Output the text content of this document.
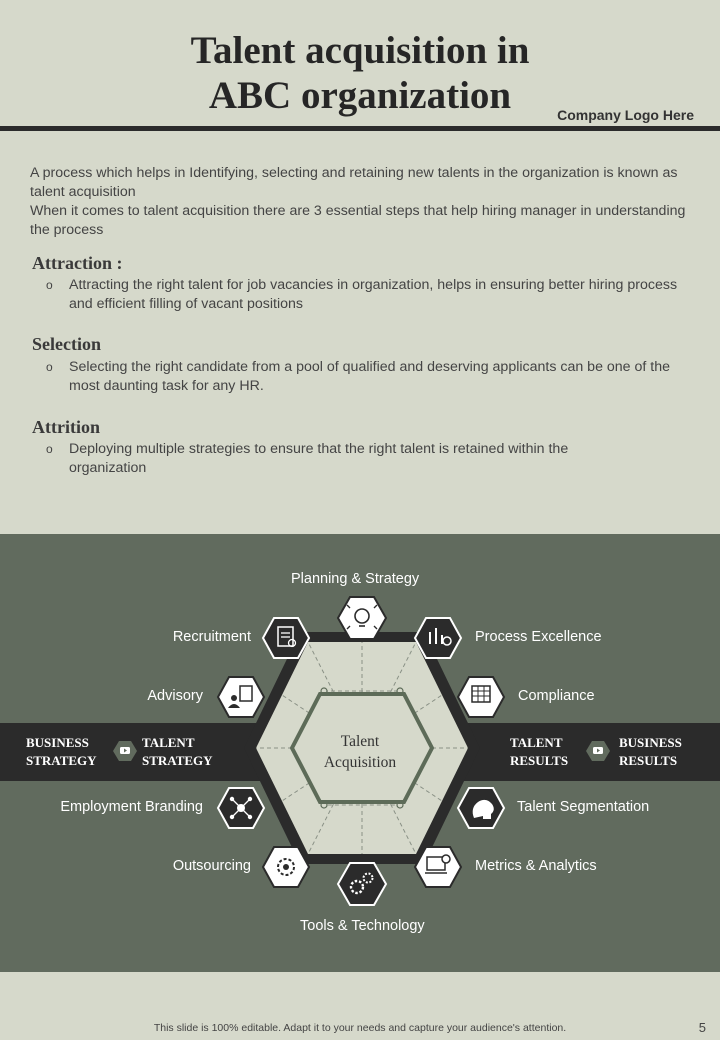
Talent acquisition in
ABC organization	Company Logo Here
A process which helps in Identifying, selecting and retaining new talents in the organization is known as talent acquisition
When it comes to talent acquisition there are 3 essential steps that help hiring manager in understanding the process
Attraction :
o Attracting the right talent for job vacancies in organization, helps in ensuring better hiring process and efficient filling of vacant positions
Selection
o Selecting the right candidate from a pool of qualified and deserving applicants can be one of the most daunting task for any HR.
Attrition
o Deploying multiple strategies to ensure that the right talent is retained within the organization
BUSINESS
STRATEGY
TALENT
STRATEGY
TALENT
RESULTS
BUSINESS
RESULTS
Talent
Acquisition
Planning & Strategy
Recruitment	Process Excellence
Advisory	Compliance
Employment Branding	Talent Segmentation
Outsourcing	Metrics & Analytics
Tools & Technology
This slide is 100% editable. Adapt it to your needs and capture your audience's attention.	5
